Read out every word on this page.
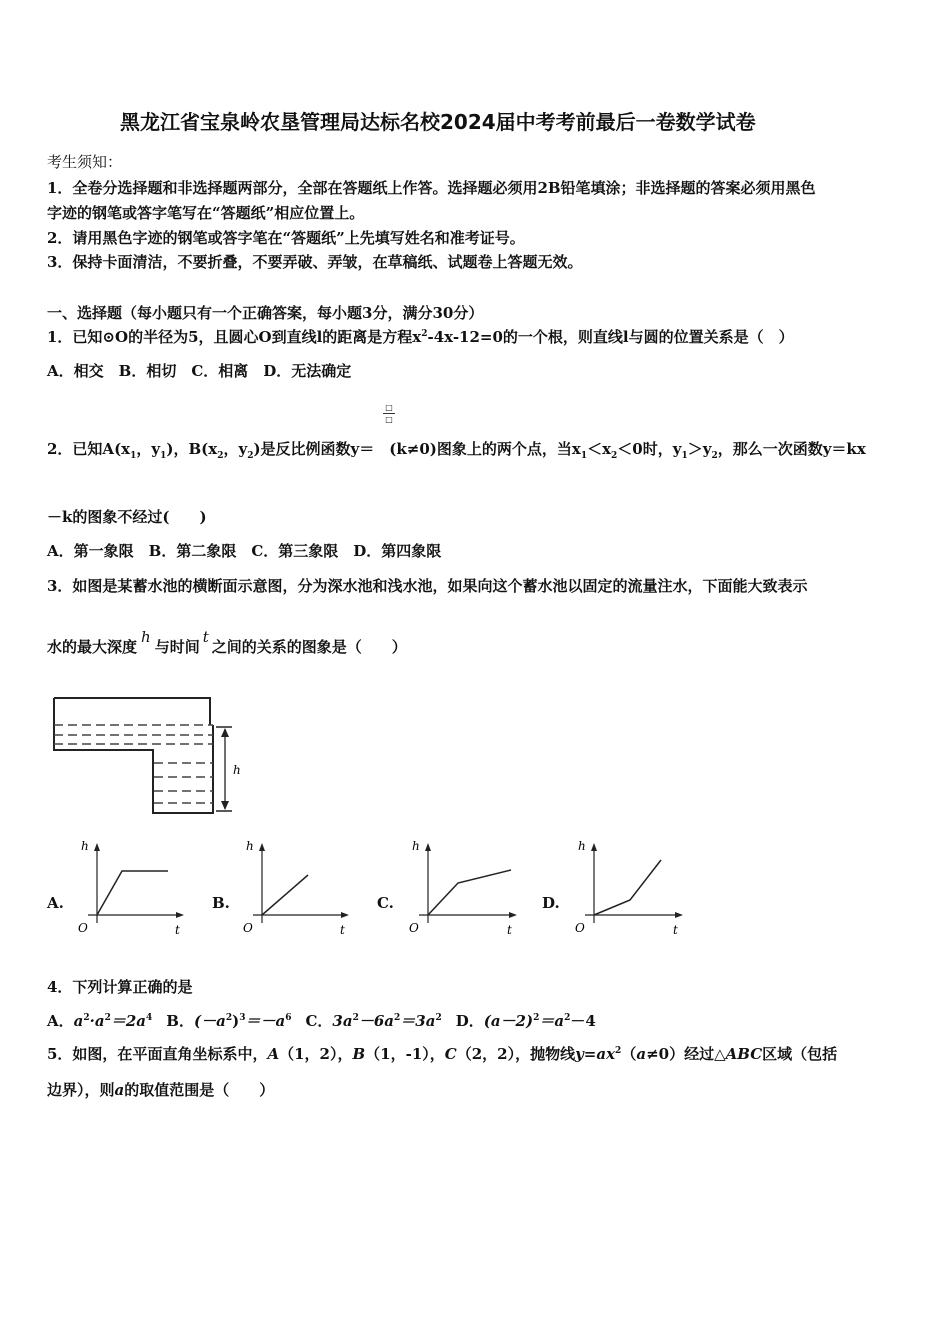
黑龙江省宝泉岭农垦管理局达标名校2024届中考考前最后一卷数学试卷
考生须知：
1．全卷分选择题和非选择题两部分，全部在答题纸上作答。选择题必须用2B铅笔填涂；非选择题的答案必须用黑色
字迹的钢笔或答字笔写在“答题纸”相应位置上。
2．请用黑色字迹的钢笔或答字笔在“答题纸”上先填写姓名和准考证号。
3．保持卡面清洁，不要折叠，不要弄破、弄皱，在草稿纸、试题卷上答题无效。
一、选择题（每小题只有一个正确答案，每小题3分，满分30分）
1．已知⊙O的半径为5，且圆心O到直线l的距离是方程$x^2-4x-12=0$的一个根，则直线l与圆的位置关系是（　）
A．相交　B．相切　C．相离　D．无法确定
□
□
2．已知$A(x_1$，$y_1$)，$B(x_2$，$y_2$)是反比例函数y＝　(k≠0)图象上的两个点，当$x_1<x_2<0$时，$y_1>y_2$，那么一次函数y＝kx
－k的图象不经过(　　)
A．第一象限　B．第二象限　C．第三象限　D．第四象限
3．如图是某蓄水池的横断面示意图，分为深水池和浅水池，如果向这个蓄水池以固定的流量注水，下面能大致表示
水的最大深度h与时间t之间的关系的图象是（　　）
h
A.
h
t
O
B.
h
t
O
C.
h
t
O
D.
h
t
O
4．下列计算正确的是
A．$a^2\cdot a^2=2a^4$ B．$(-a^2)^3=-a^6$ C．$3a^2-6a^2=3a^2$ D．$(a-2)^2=a^2-4$
5．如图，在平面直角坐标系中，A（1，2），B（1，-1），C（2，2），抛物线$y=ax^2(a\ne 0)$经过△ABC区域（包括
边界），则a的取值范围是（　　）
